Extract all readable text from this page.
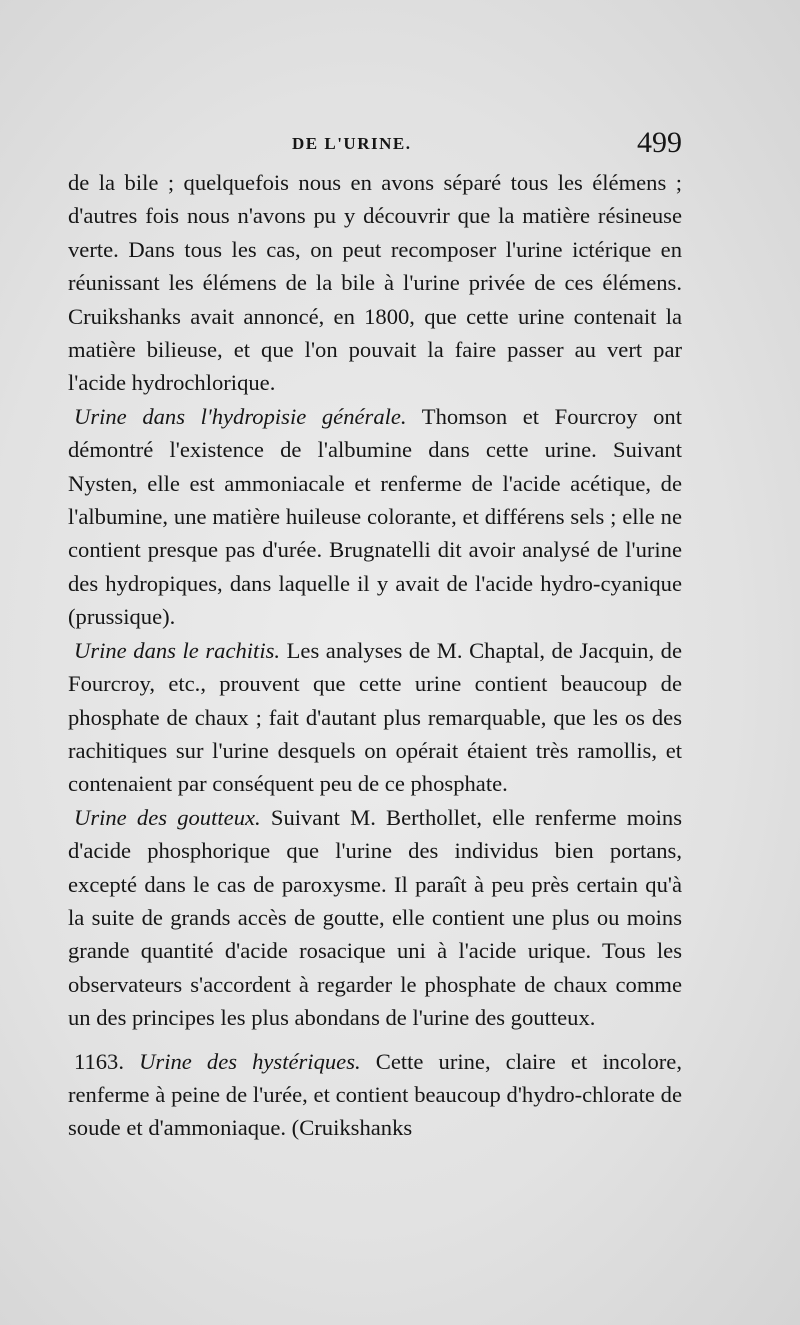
DE L'URINE.	499

de la bile ; quelquefois nous en avons séparé tous les élémens ; d'autres fois nous n'avons pu y découvrir que la matière résineuse verte. Dans tous les cas, on peut recomposer l'urine ictérique en réunissant les élémens de la bile à l'urine privée de ces élémens. Cruikshanks avait annoncé, en 1800, que cette urine contenait la matière bilieuse, et que l'on pouvait la faire passer au vert par l'acide hydrochlorique.

Urine dans l'hydropisie générale. Thomson et Fourcroy ont démontré l'existence de l'albumine dans cette urine. Suivant Nysten, elle est ammoniacale et renferme de l'acide acétique, de l'albumine, une matière huileuse colorante, et différens sels ; elle ne contient presque pas d'urée. Brugnatelli dit avoir analysé de l'urine des hydropiques, dans laquelle il y avait de l'acide hydro-cyanique (prussique).

Urine dans le rachitis. Les analyses de M. Chaptal, de Jacquin, de Fourcroy, etc., prouvent que cette urine contient beaucoup de phosphate de chaux ; fait d'autant plus remarquable, que les os des rachitiques sur l'urine desquels on opérait étaient très ramollis, et contenaient par conséquent peu de ce phosphate.

Urine des goutteux. Suivant M. Berthollet, elle renferme moins d'acide phosphorique que l'urine des individus bien portans, excepté dans le cas de paroxysme. Il paraît à peu près certain qu'à la suite de grands accès de goutte, elle contient une plus ou moins grande quantité d'acide rosacique uni à l'acide urique. Tous les observateurs s'accordent à regarder le phosphate de chaux comme un des principes les plus abondans de l'urine des goutteux.

1163. Urine des hystériques. Cette urine, claire et incolore, renferme à peine de l'urée, et contient beaucoup d'hydro-chlorate de soude et d'ammoniaque. (Cruikshanks
